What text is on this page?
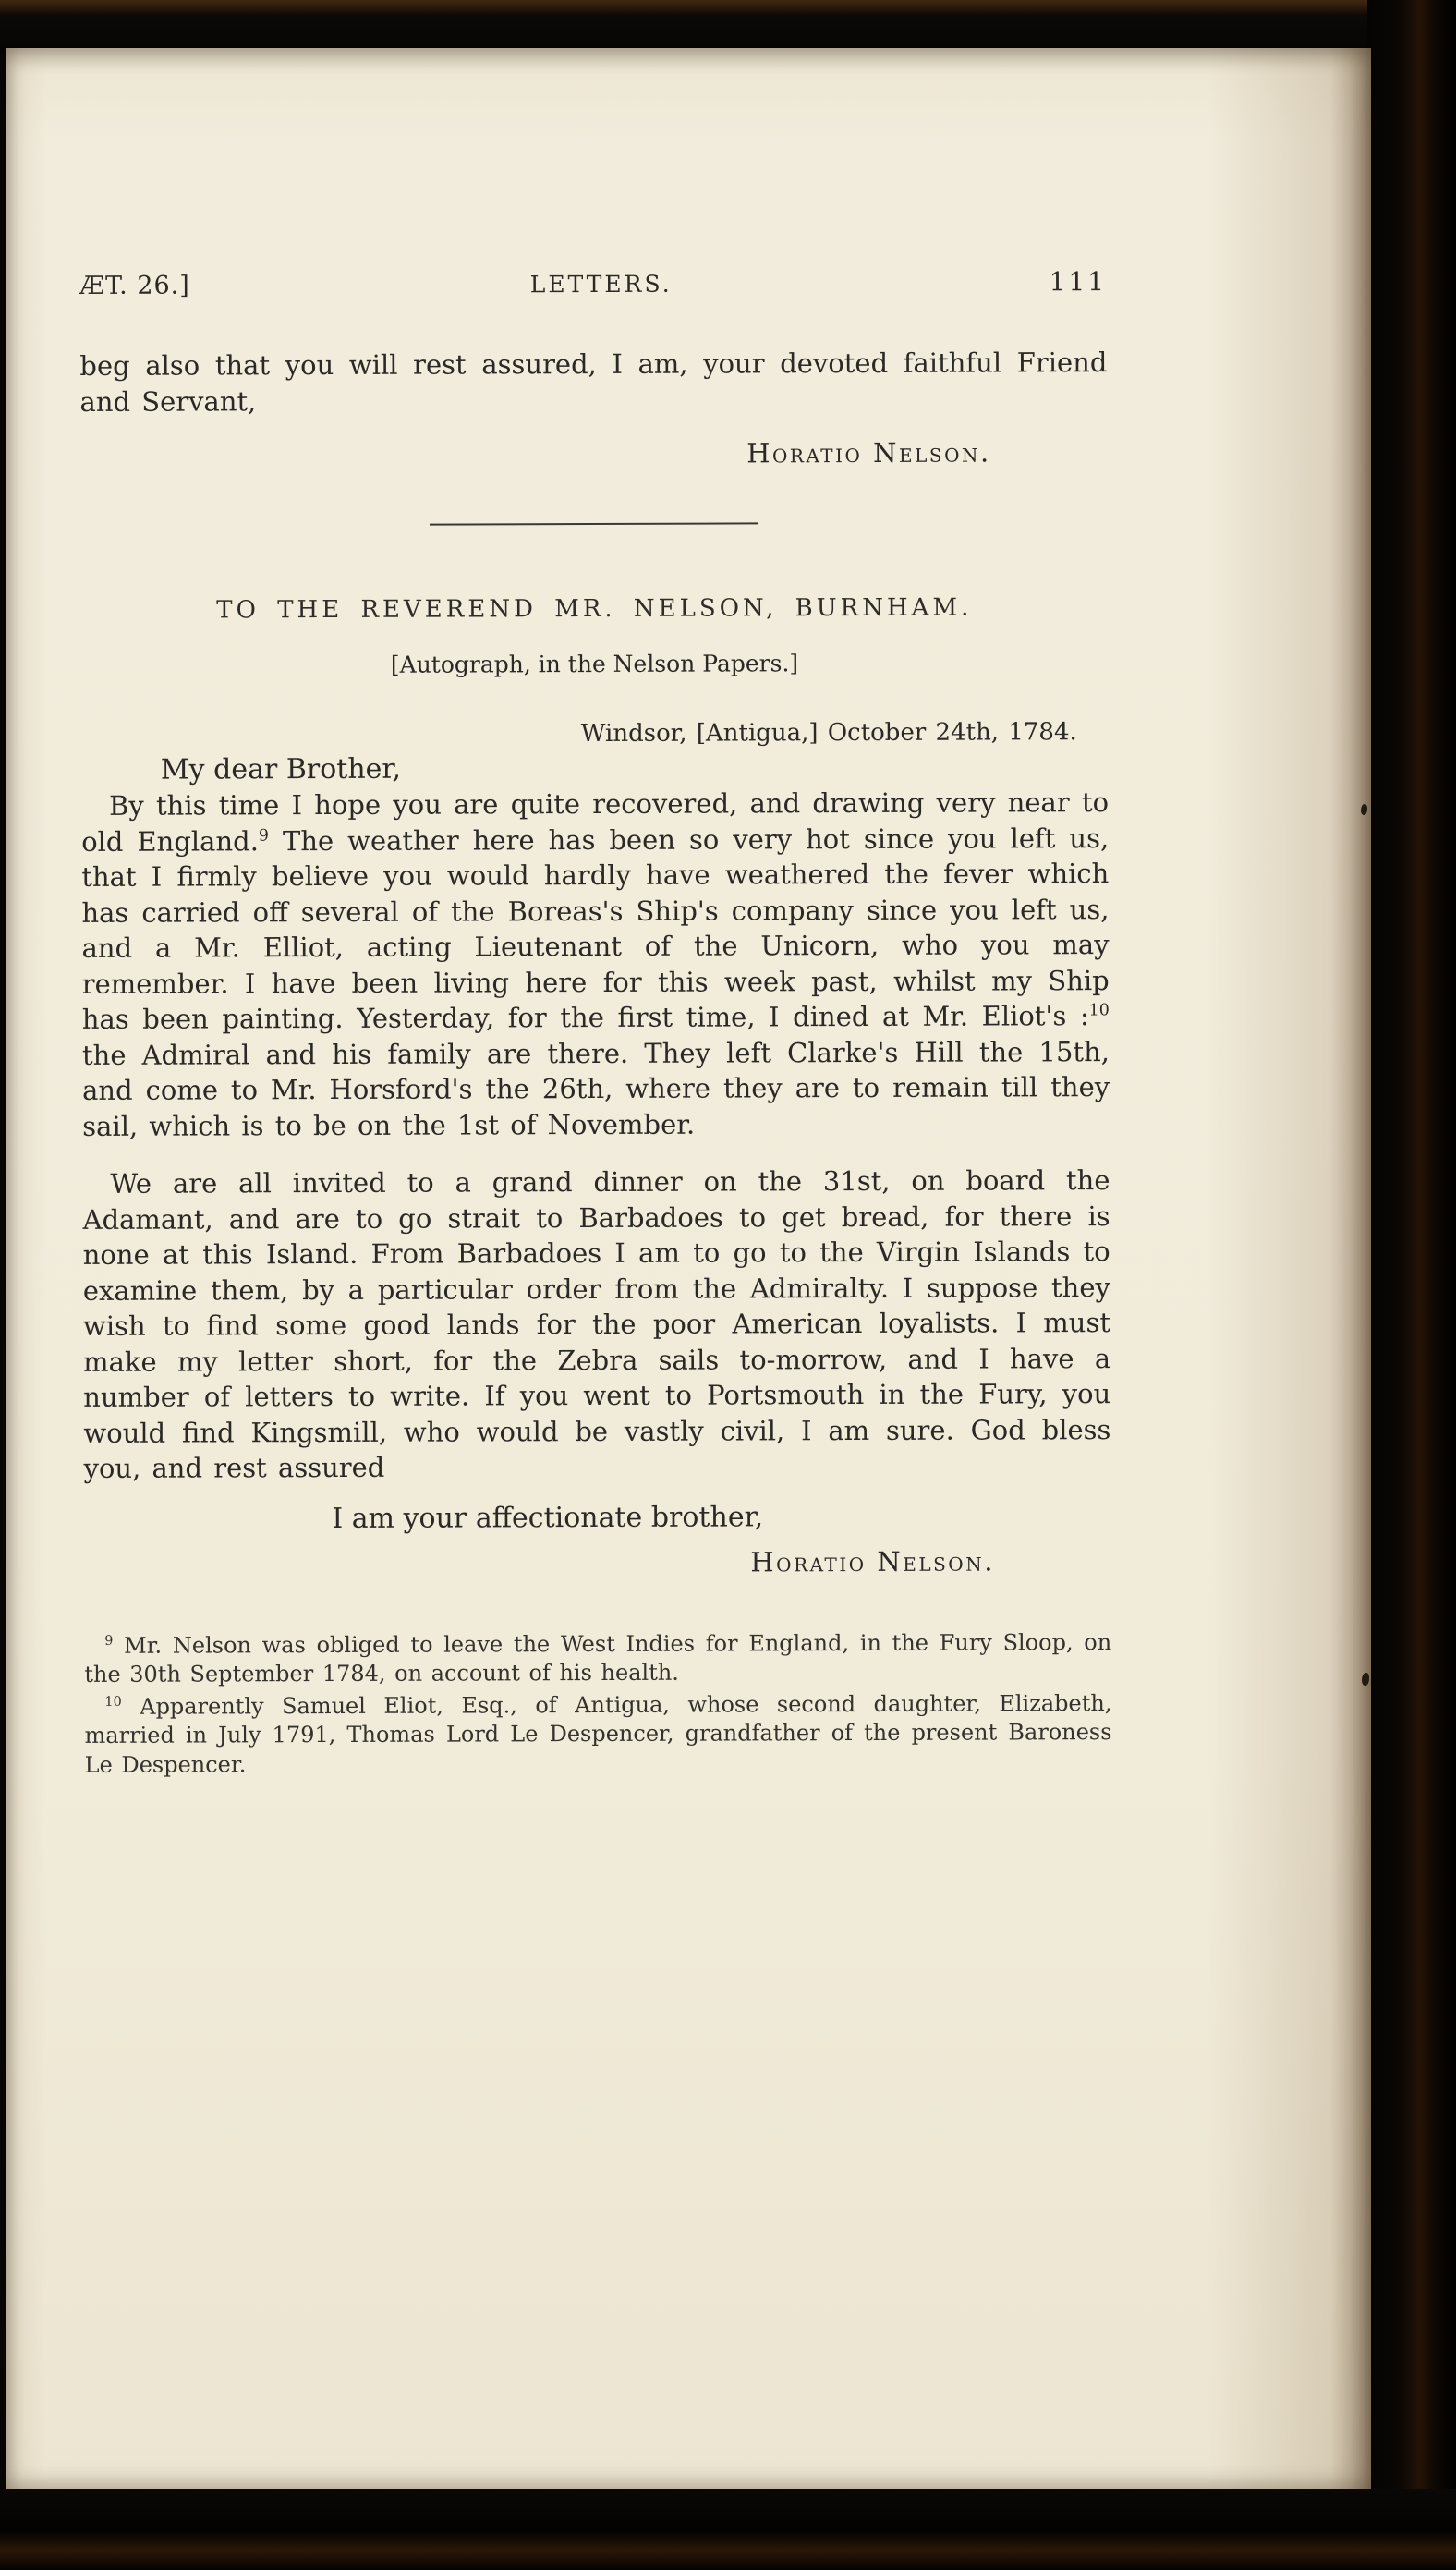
ÆT. 26.]	LETTERS.	111

beg also that you will rest assured, I am, your devoted faithful Friend and Servant,

Horatio Nelson.
TO THE REVEREND MR. NELSON, BURNHAM.
[Autograph, in the Nelson Papers.]
Windsor, [Antigua,] October 24th, 1784.
My dear Brother,

By this time I hope you are quite recovered, and drawing very near to old England.$^9$ The weather here has been so very hot since you left us, that I firmly believe you would hardly have weathered the fever which has carried off several of the Boreas's Ship's company since you left us, and a Mr. Elliot, acting Lieutenant of the Unicorn, who you may remember. I have been living here for this week past, whilst my Ship has been painting. Yesterday, for the first time, I dined at Mr. Eliot's :$^{10}$ the Admiral and his family are there. They left Clarke's Hill the 15th, and come to Mr. Horsford's the 26th, where they are to remain till they sail, which is to be on the 1st of November.

We are all invited to a grand dinner on the 31st, on board the Adamant, and are to go strait to Barbadoes to get bread, for there is none at this Island. From Barbadoes I am to go to the Virgin Islands to examine them, by a particular order from the Admiralty. I suppose they wish to find some good lands for the poor American loyalists. I must make my letter short, for the Zebra sails to-morrow, and I have a number of letters to write. If you went to Portsmouth in the Fury, you would find Kingsmill, who would be vastly civil, I am sure. God bless you, and rest assured

I am your affectionate brother,
Horatio Nelson.

$^9$ Mr. Nelson was obliged to leave the West Indies for England, in the Fury Sloop, on the 30th September 1784, on account of his health.

$^{10}$ Apparently Samuel Eliot, Esq., of Antigua, whose second daughter, Elizabeth, married in July 1791, Thomas Lord Le Despencer, grandfather of the present Baroness Le Despencer.
